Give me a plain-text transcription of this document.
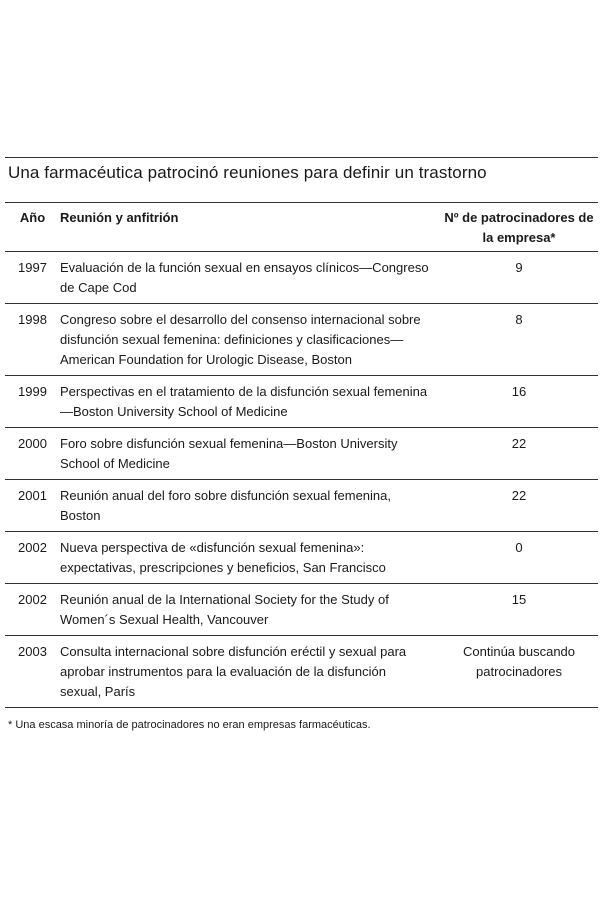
Una farmacéutica patrocinó reuniones para definir un trastorno
Año	Reunión y anfitrión	Nº de patrocinadores de la empresa*
1997	Evaluación de la función sexual en ensayos clínicos—Congreso de Cape Cod	9
1998	Congreso sobre el desarrollo del consenso internacional sobre disfunción sexual femenina: definiciones y clasificaciones—American Foundation for Urologic Disease, Boston	8
1999	Perspectivas en el tratamiento de la disfunción sexual femenina—Boston University School of Medicine	16
2000	Foro sobre disfunción sexual femenina—Boston University School of Medicine	22
2001	Reunión anual del foro sobre disfunción sexual femenina, Boston	22
2002	Nueva perspectiva de «disfunción sexual femenina»: expectativas, prescripciones y beneficios, San Francisco	0
2002	Reunión anual de la International Society for the Study of Women´s Sexual Health, Vancouver	15
2003	Consulta internacional sobre disfunción eréctil y sexual para aprobar instrumentos para la evaluación de la disfunción sexual, París	Continúa buscando patrocinadores
* Una escasa minoría de patrocinadores no eran empresas farmacéuticas.
